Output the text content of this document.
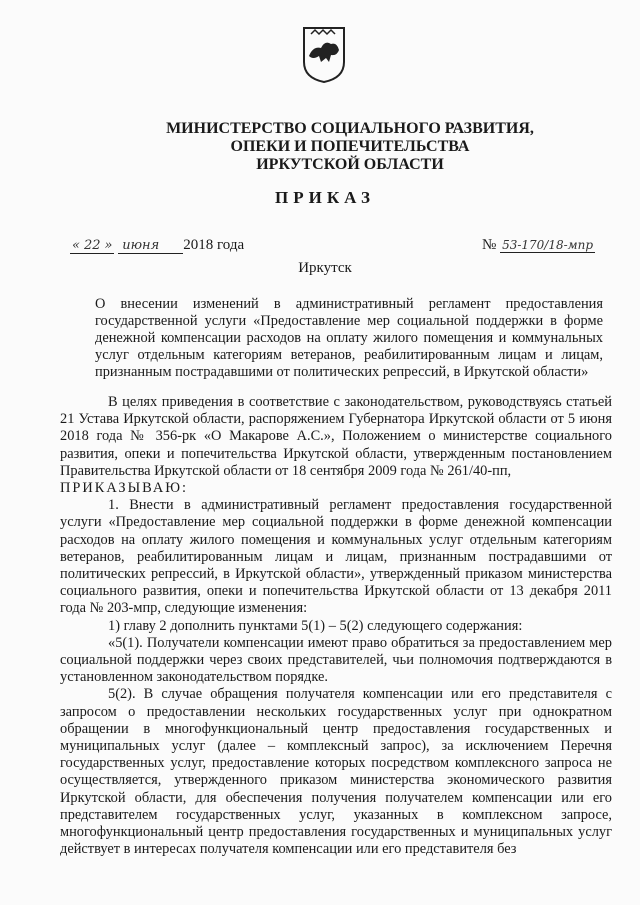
МИНИСТЕРСТВО СОЦИАЛЬНОГО РАЗВИТИЯ,
ОПЕКИ И ПОПЕЧИТЕЛЬСТВА
ИРКУТСКОЙ ОБЛАСТИ
ПРИКАЗ
« 22 » июня 2018 года	№ 53-170/18-мпр
Иркутск
О внесении изменений в административный регламент предоставления государственной услуги «Предоставление мер социальной поддержки в форме денежной компенсации расходов на оплату жилого помещения и коммунальных услуг отдельным категориям ветеранов, реабилитированным лицам и лицам, признанным пострадавшими от политических репрессий, в Иркутской области»

В целях приведения в соответствие с законодательством, руководствуясь статьей 21 Устава Иркутской области, распоряжением Губернатора Иркутской области от 5 июня 2018 года № 356-рк «О Макарове А.С.», Положением о министерстве социального развития, опеки и попечительства Иркутской области, утвержденным постановлением Правительства Иркутской области от 18 сентября 2009 года № 261/40-пп,

ПРИКАЗЫВАЮ:

1. Внести в административный регламент предоставления государственной услуги «Предоставление мер социальной поддержки в форме денежной компенсации расходов на оплату жилого помещения и коммунальных услуг отдельным категориям ветеранов, реабилитированным лицам и лицам, признанным пострадавшими от политических репрессий, в Иркутской области», утвержденный приказом министерства социального развития, опеки и попечительства Иркутской области от 13 декабря 2011 года № 203-мпр, следующие изменения:

1) главу 2 дополнить пунктами 5(1) – 5(2) следующего содержания:

«5(1). Получатели компенсации имеют право обратиться за предоставлением мер социальной поддержки через своих представителей, чьи полномочия подтверждаются в установленном законодательством порядке.

5(2). В случае обращения получателя компенсации или его представителя с запросом о предоставлении нескольких государственных услуг при однократном обращении в многофункциональный центр предоставления государственных и муниципальных услуг (далее – комплексный запрос), за исключением Перечня государственных услуг, предоставление которых посредством комплексного запроса не осуществляется, утвержденного приказом министерства экономического развития Иркутской области, для обеспечения получения получателем компенсации или его представителем государственных услуг, указанных в комплексном запросе, многофункциональный центр предоставления государственных и муниципальных услуг действует в интересах получателя компенсации или его представителя без
